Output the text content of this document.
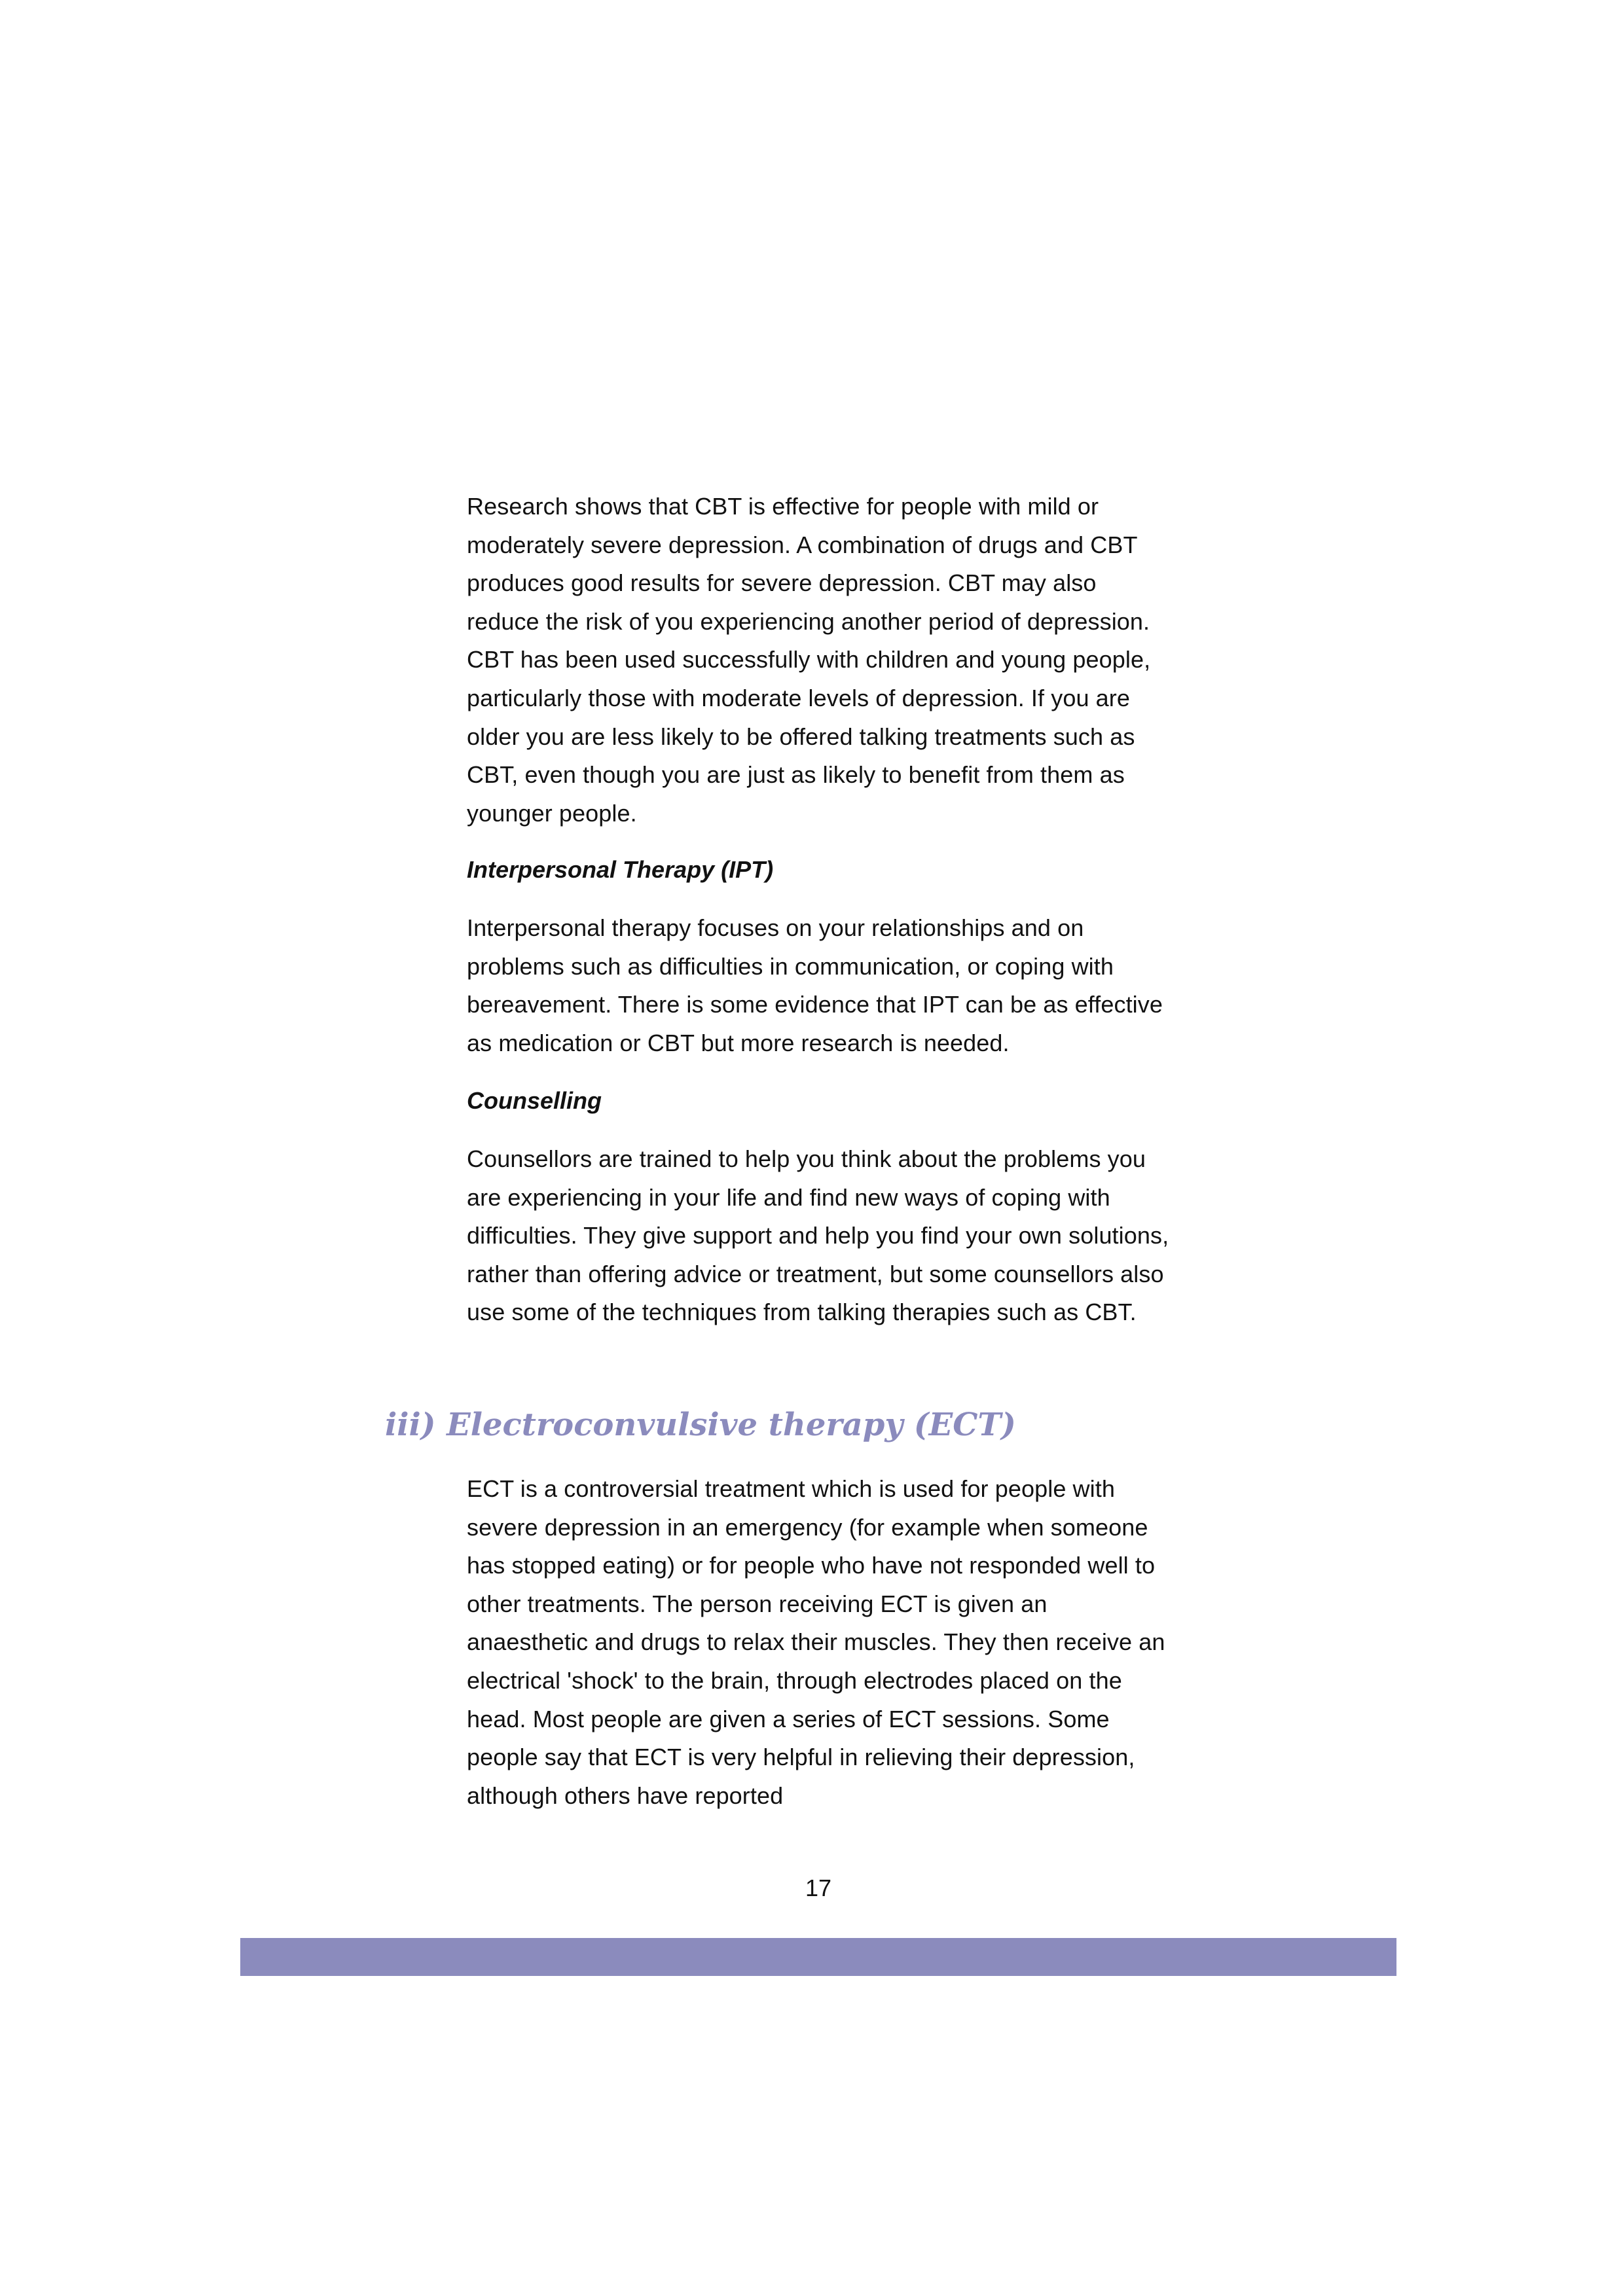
Research shows that CBT is effective for people with mild or moderately severe depression. A combination of drugs and CBT produces good results for severe depression. CBT may also reduce the risk of you experiencing another period of depression. CBT has been used successfully with children and young people, particularly those with moderate levels of depression. If you are older you are less likely to be offered talking treatments such as CBT, even though you are just as likely to benefit from them as younger people.

Interpersonal Therapy (IPT)

Interpersonal therapy focuses on your relationships and on problems such as difficulties in communication, or coping with bereavement. There is some evidence that IPT can be as effective as medication or CBT but more research is needed.

Counselling

Counsellors are trained to help you think about the problems you are experiencing in your life and find new ways of coping with difficulties. They give support and help you find your own solutions, rather than offering advice or treatment, but some counsellors also use some of the techniques from talking therapies such as CBT.

iii) Electroconvulsive therapy (ECT)

ECT is a controversial treatment which is used for people with severe depression in an emergency (for example when someone has stopped eating) or for people who have not responded well to other treatments. The person receiving ECT is given an anaesthetic and drugs to relax their muscles. They then receive an electrical 'shock' to the brain, through electrodes placed on the head. Most people are given a series of ECT sessions. Some people say that ECT is very helpful in relieving their depression, although others have reported

17
